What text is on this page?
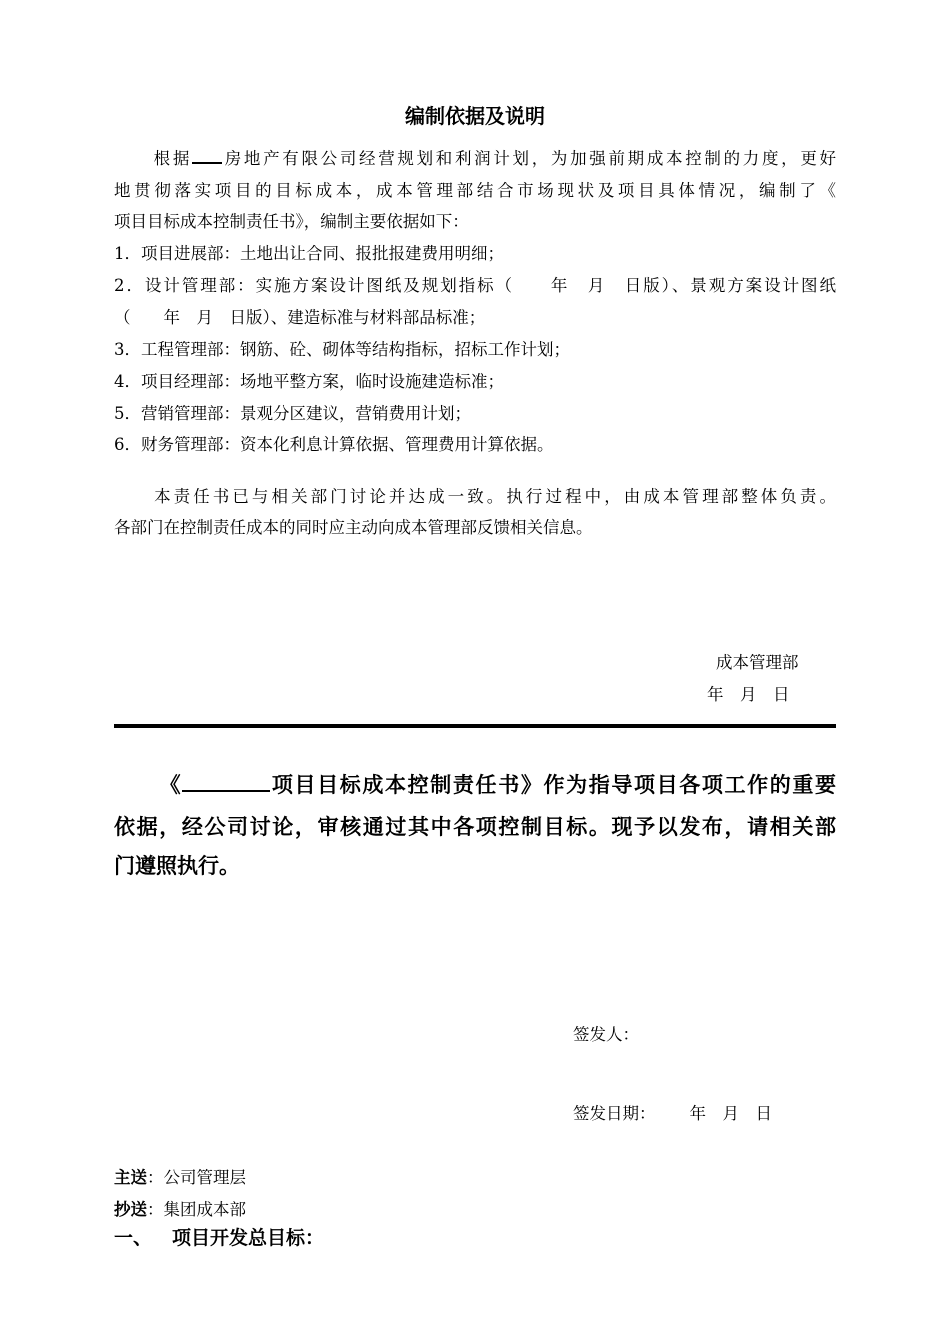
编制依据及说明
根据 房地产有限公司经营规划和利润计划，为加强前期成本控制的力度，更好
地贯彻落实项目的目标成本，成本管理部结合市场现状及项目具体情况，编制了《
项目目标成本控制责任书》，编制主要依据如下：
1．项目进展部：土地出让合同、报批报建费用明细；
2．设计管理部：实施方案设计图纸及规划指标（　　年　月　日版）、景观方案设计图纸
（　　年　月　日版）、建造标准与材料部品标准；
3．工程管理部：钢筋、砼、砌体等结构指标，招标工作计划；
4．项目经理部：场地平整方案，临时设施建造标准；
5．营销管理部：景观分区建议，营销费用计划；
6．财务管理部：资本化利息计算依据、管理费用计算依据。
本责任书已与相关部门讨论并达成一致。执行过程中，由成本管理部整体负责。
各部门在控制责任成本的同时应主动向成本管理部反馈相关信息。
成本管理部
年　月　日
《	项目目标成本控制责任书》作为指导项目各项工作的重要
依据，经公司讨论，审核通过其中各项控制目标。现予以发布，请相关部
门遵照执行。
签发人：
签发日期： 年　月　日
主送：公司管理层
抄送：集团成本部
一、 项目开发总目标：
